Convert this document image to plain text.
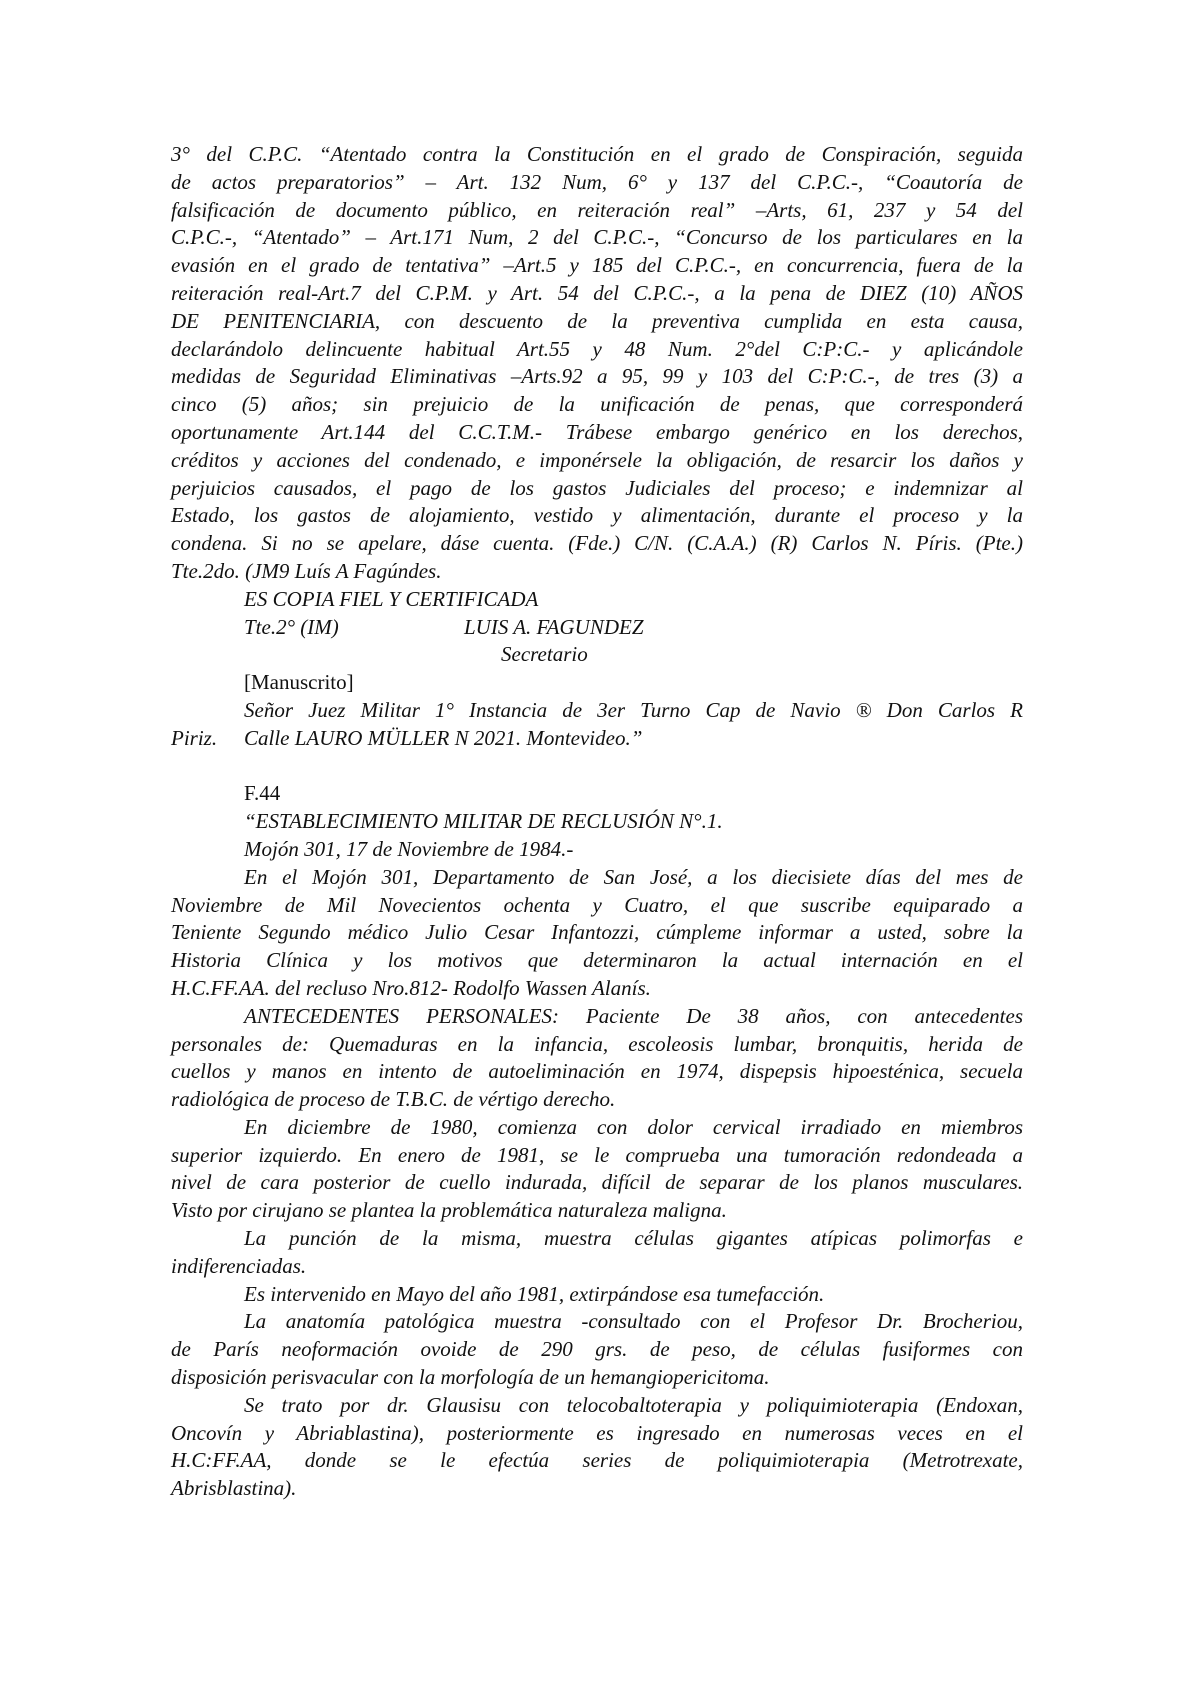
3° del C.P.C. “Atentado contra la Constitución en el grado de Conspiración, seguida
de actos preparatorios” – Art. 132 Num, 6° y 137 del C.P.C.-, “Coautoría de
falsificación de documento público, en reiteración real” –Arts, 61, 237 y 54 del
C.P.C.-, “Atentado” – Art.171 Num, 2 del C.P.C.-, “Concurso de los particulares en la
evasión en el grado de tentativa” –Art.5 y 185 del C.P.C.-, en concurrencia, fuera de la
reiteración real-Art.7 del C.P.M. y Art. 54 del C.P.C.-, a la pena de DIEZ (10) AÑOS
DE PENITENCIARIA, con descuento de la preventiva cumplida en esta causa,
declarándolo delincuente habitual Art.55 y 48 Num. 2°del C:P:C.- y aplicándole
medidas de Seguridad Eliminativas –Arts.92 a 95, 99 y 103 del C:P:C.-, de tres (3) a
cinco (5) años; sin prejuicio de la unificación de penas, que corresponderá
oportunamente Art.144 del C.C.T.M.- Trábese embargo genérico en los derechos,
créditos y acciones del condenado, e imponérsele la obligación, de resarcir los daños y
perjuicios causados, el pago de los gastos Judiciales del proceso; e indemnizar al
Estado, los gastos de alojamiento, vestido y alimentación, durante el proceso y la
condena. Si no se apelare, dáse cuenta. (Fde.) C/N. (C.A.A.) (R) Carlos N. Píris. (Pte.)
Tte.2do. (JM9 Luís A Fagúndes.
ES COPIA FIEL Y CERTIFICADA
Tte.2° (IM)	LUIS A. FAGUNDEZ
Secretario
[Manuscrito]
Señor Juez Militar 1° Instancia de 3er Turno Cap de Navio ® Don Carlos R
Piriz. Calle LAURO MÜLLER N 2021. Montevideo.”
F.44
“ESTABLECIMIENTO MILITAR DE RECLUSIÓN N°.1.
Mojón 301, 17 de Noviembre de 1984.-
En el Mojón 301, Departamento de San José, a los diecisiete días del mes de
Noviembre de Mil Novecientos ochenta y Cuatro, el que suscribe equiparado a
Teniente Segundo médico Julio Cesar Infantozzi, cúmpleme informar a usted, sobre la
Historia Clínica y los motivos que determinaron la actual internación en el
H.C.FF.AA. del recluso Nro.812- Rodolfo Wassen Alanís.
ANTECEDENTES PERSONALES: Paciente De 38 años, con antecedentes
personales de: Quemaduras en la infancia, escoleosis lumbar, bronquitis, herida de
cuellos y manos en intento de autoeliminación en 1974, dispepsis hipoesténica, secuela
radiológica de proceso de T.B.C. de vértigo derecho.
En diciembre de 1980, comienza con dolor cervical irradiado en miembros
superior izquierdo. En enero de 1981, se le comprueba una tumoración redondeada a
nivel de cara posterior de cuello indurada, difícil de separar de los planos musculares.
Visto por cirujano se plantea la problemática naturaleza maligna.
La punción de la misma, muestra células gigantes atípicas polimorfas e
indiferenciadas.
Es intervenido en Mayo del año 1981, extirpándose esa tumefacción.
La anatomía patológica muestra -consultado con el Profesor Dr. Brocheriou,
de París neoformación ovoide de 290 grs. de peso, de células fusiformes con
disposición perisvacular con la morfología de un hemangiopericitoma.
Se trato por dr. Glausisu con telocobaltoterapia y poliquimioterapia (Endoxan,
Oncovín y Abriablastina), posteriormente es ingresado en numerosas veces en el
H.C:FF.AA, donde se le efectúa series de poliquimioterapia (Metrotrexate,
Abrisblastina).
